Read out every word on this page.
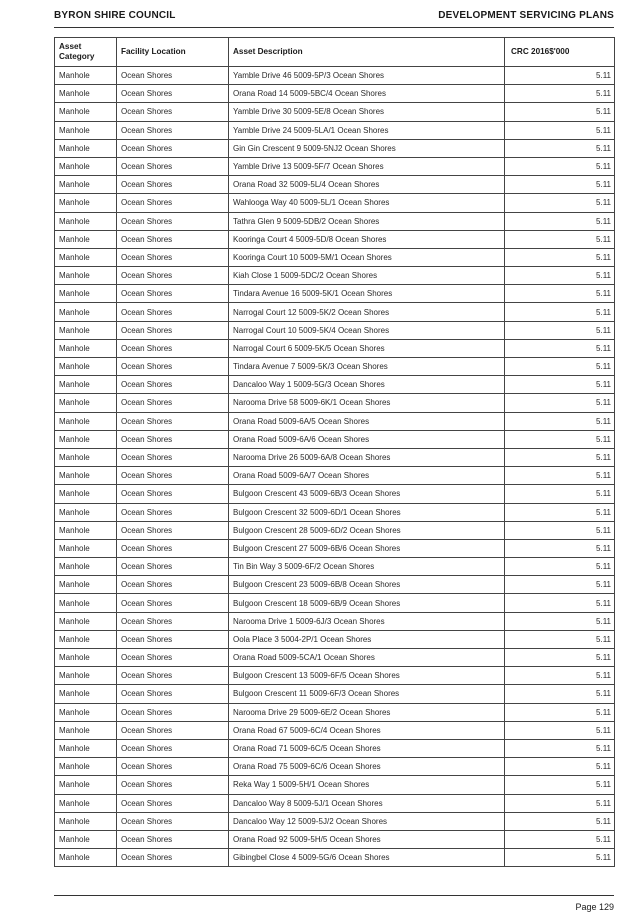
BYRON SHIRE COUNCIL	DEVELOPMENT SERVICING PLANS
Asset Category	Facility Location	Asset Description	CRC 2016$'000
Manhole	Ocean Shores	Yamble Drive 46 5009-5P/3 Ocean Shores	5.11
Manhole	Ocean Shores	Orana Road 14 5009-5BC/4 Ocean Shores	5.11
Manhole	Ocean Shores	Yamble Drive 30 5009-5E/8 Ocean Shores	5.11
Manhole	Ocean Shores	Yamble Drive 24 5009-5LA/1 Ocean Shores	5.11
Manhole	Ocean Shores	Gin Gin Crescent 9 5009-5NJ2 Ocean Shores	5.11
Manhole	Ocean Shores	Yamble Drive 13 5009-5F/7 Ocean Shores	5.11
Manhole	Ocean Shores	Orana Road 32 5009-5L/4 Ocean Shores	5.11
Manhole	Ocean Shores	Wahlooga Way 40 5009-5L/1 Ocean Shores	5.11
Manhole	Ocean Shores	Tathra Glen 9 5009-5DB/2 Ocean Shores	5.11
Manhole	Ocean Shores	Kooringa Court 4 5009-5D/8 Ocean Shores	5.11
Manhole	Ocean Shores	Kooringa Court 10 5009-5M/1 Ocean Shores	5.11
Manhole	Ocean Shores	Kiah Close 1 5009-5DC/2 Ocean Shores	5.11
Manhole	Ocean Shores	Tindara Avenue 16 5009-5K/1 Ocean Shores	5.11
Manhole	Ocean Shores	Narrogal Court 12 5009-5K/2 Ocean Shores	5.11
Manhole	Ocean Shores	Narrogal Court 10 5009-5K/4 Ocean Shores	5.11
Manhole	Ocean Shores	Narrogal Court 6 5009-5K/5 Ocean Shores	5.11
Manhole	Ocean Shores	Tindara Avenue 7 5009-5K/3 Ocean Shores	5.11
Manhole	Ocean Shores	Dancaloo Way 1 5009-5G/3 Ocean Shores	5.11
Manhole	Ocean Shores	Narooma Drive 58 5009-6K/1 Ocean Shores	5.11
Manhole	Ocean Shores	Orana Road 5009-6A/5 Ocean Shores	5.11
Manhole	Ocean Shores	Orana Road 5009-6A/6 Ocean Shores	5.11
Manhole	Ocean Shores	Narooma Drive 26 5009-6A/8 Ocean Shores	5.11
Manhole	Ocean Shores	Orana Road 5009-6A/7 Ocean Shores	5.11
Manhole	Ocean Shores	Bulgoon Crescent 43 5009-6B/3 Ocean Shores	5.11
Manhole	Ocean Shores	Bulgoon Crescent 32 5009-6D/1 Ocean Shores	5.11
Manhole	Ocean Shores	Bulgoon Crescent 28 5009-6D/2 Ocean Shores	5.11
Manhole	Ocean Shores	Bulgoon Crescent 27 5009-6B/6 Ocean Shores	5.11
Manhole	Ocean Shores	Tin Bin Way 3 5009-6F/2 Ocean Shores	5.11
Manhole	Ocean Shores	Bulgoon Crescent 23 5009-6B/8 Ocean Shores	5.11
Manhole	Ocean Shores	Bulgoon Crescent 18 5009-6B/9 Ocean Shores	5.11
Manhole	Ocean Shores	Narooma Drive 1 5009-6J/3 Ocean Shores	5.11
Manhole	Ocean Shores	Oola Place 3 5004-2P/1 Ocean Shores	5.11
Manhole	Ocean Shores	Orana Road 5009-5CA/1 Ocean Shores	5.11
Manhole	Ocean Shores	Bulgoon Crescent 13 5009-6F/5 Ocean Shores	5.11
Manhole	Ocean Shores	Bulgoon Crescent 11 5009-6F/3 Ocean Shores	5.11
Manhole	Ocean Shores	Narooma Drive 29 5009-6E/2 Ocean Shores	5.11
Manhole	Ocean Shores	Orana Road 67 5009-6C/4 Ocean Shores	5.11
Manhole	Ocean Shores	Orana Road 71 5009-6C/5 Ocean Shores	5.11
Manhole	Ocean Shores	Orana Road 75 5009-6C/6 Ocean Shores	5.11
Manhole	Ocean Shores	Reka Way 1 5009-5H/1 Ocean Shores	5.11
Manhole	Ocean Shores	Dancaloo Way 8 5009-5J/1 Ocean Shores	5.11
Manhole	Ocean Shores	Dancaloo Way 12 5009-5J/2 Ocean Shores	5.11
Manhole	Ocean Shores	Orana Road 92 5009-5H/5 Ocean Shores	5.11
Manhole	Ocean Shores	Gibingbel Close 4 5009-5G/6 Ocean Shores	5.11
Page 129
